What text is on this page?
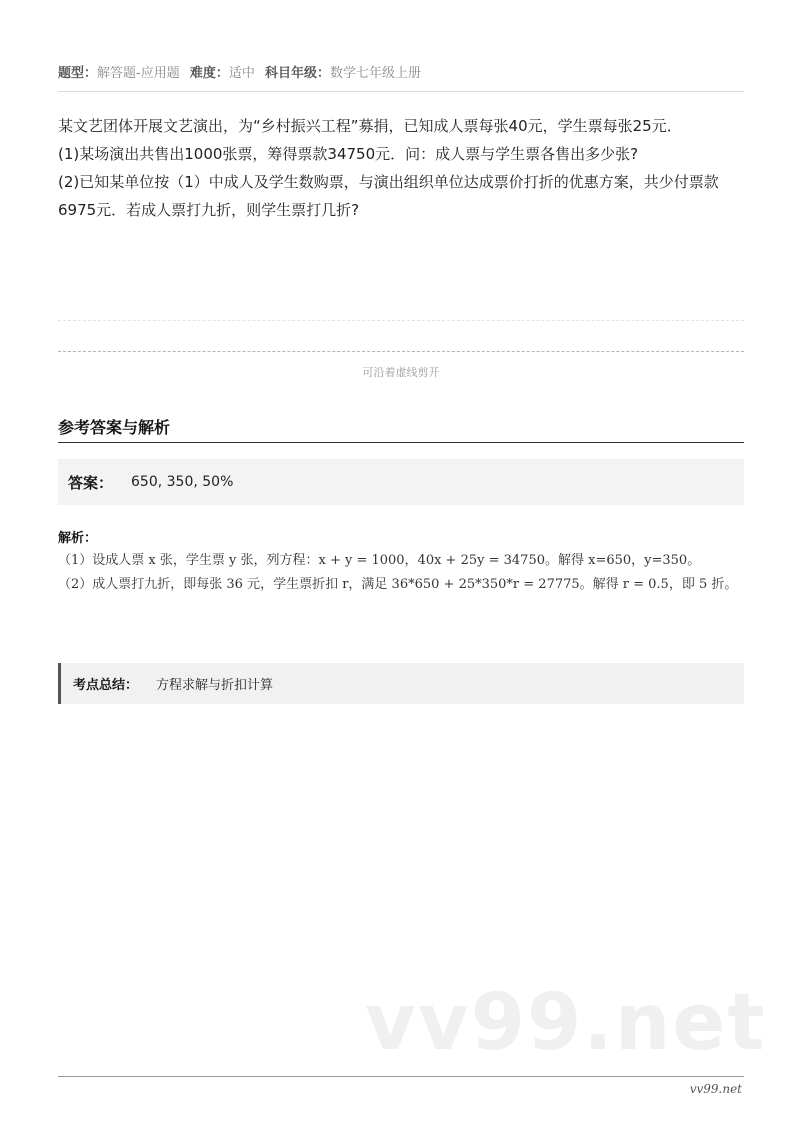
题型：解答题-应用题 难度：适中 科目年级：数学七年级上册

某文艺团体开展文艺演出，为“乡村振兴工程”募捐，已知成人票每张40元，学生票每张25元．

(1)某场演出共售出1000张票，筹得票款34750元．问：成人票与学生票各售出多少张?

(2)已知某单位按（1）中成人及学生数购票，与演出组织单位达成票价打折的优惠方案，共少付票款6975元．若成人票打九折，则学生票打几折?

可沿着虚线剪开
参考答案与解析
答案： 650, 350, 50%
解析：

（1）设成人票 x 张，学生票 y 张，列方程：x + y = 1000，40x + 25y = 34750。解得 x=650，y=350。

（2）成人票打九折，即每张 36 元，学生票折扣 r，满足 36*650 + 25*350*r = 27775。解得 r = 0.5，即 5 折。

考点总结： 方程求解与折扣计算
vv99.net
vv99.net
